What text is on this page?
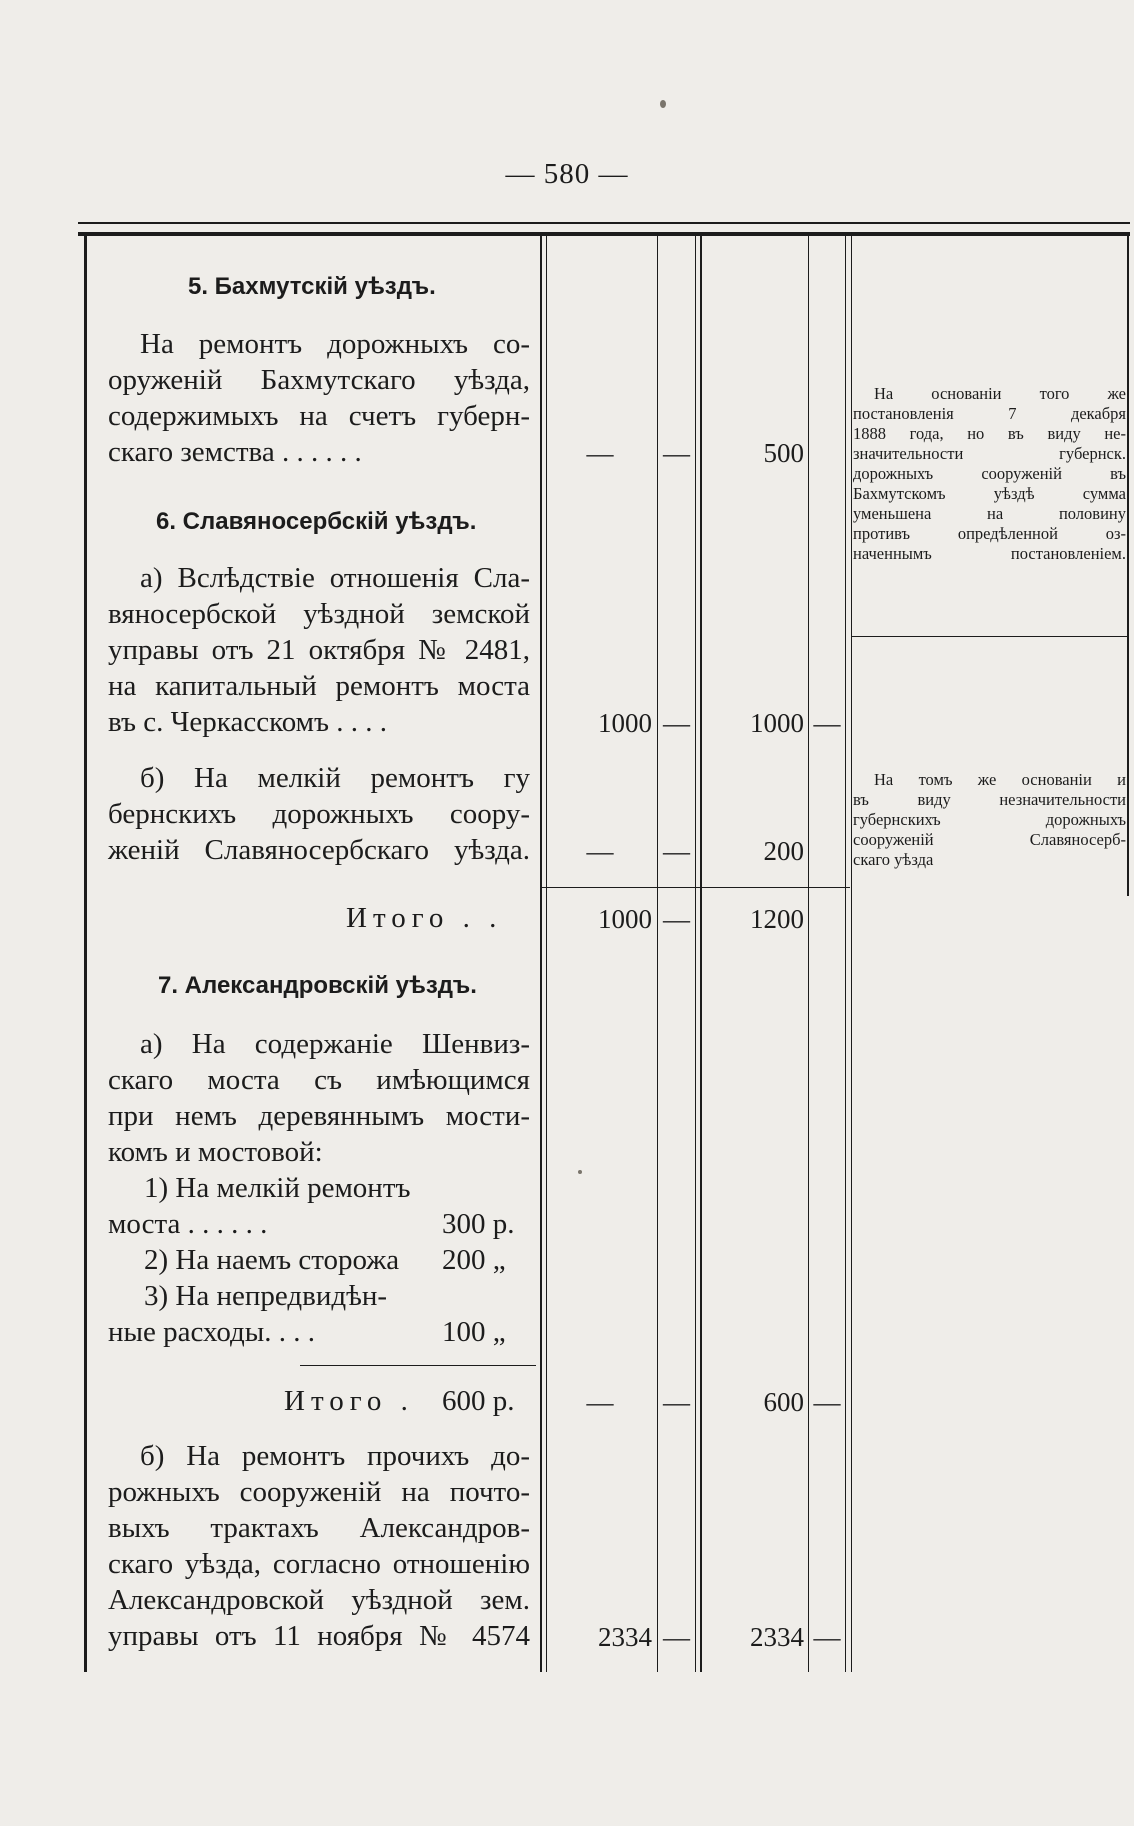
— 580 —
5. Бахмутскій уѣздъ.
На ремонтъ дорожныхъ со-
оруженій Бахмутскаго уѣзда,
содержимыхъ на счетъ губерн-
скаго земства . . . . . .	—	—	500
На основаніи того же
постановленія 7 декабря
1888 года, но въ виду не-
значительности губернск.
дорожныхъ сооруженій въ
Бахмутскомъ уѣздѣ сумма
уменьшена на половину
противъ опредѣленной оз-
наченнымъ постановленіем.
6. Славяносербскій уѣздъ.
а) Вслѣдствіе отношенія Сла-
вяносербской уѣздной земской
управы отъ 21 октября № 2481,
на капитальный ремонтъ моста
въ с. Черкасскомъ . . . .	1000 —	1000 —
б) На мелкій ремонтъ гу
бернскихъ дорожныхъ соору-
женій Славяносербскаго уѣзда.	—	—	200
На томъ же основаніи и
въ виду незначительности
губернскихъ дорожныхъ
сооруженій Славяносерб-
скаго уѣзда
Итого . .	1000 —	1200
7. Александровскій уѣздъ.
а) На содержаніе Шенвиз-
скаго моста съ имѣющимся
при немъ деревяннымъ мости-
комъ и мостовой:
1) На мелкій ремонтъ
моста . . . . . .	300 р.
2) На наемъ сторожа 200 „
3) На непредвидѣн-
ные расходы. . . .	100 „
Итого . 600 р.	—	—	600 —
б) На ремонтъ прочихъ до-
рожныхъ сооруженій на почто-
выхъ трактахъ Александров-
скаго уѣзда, согласно отношенію
Александровской уѣздной зем.
управы отъ 11 ноября № 4574	2334 —	2334 —
